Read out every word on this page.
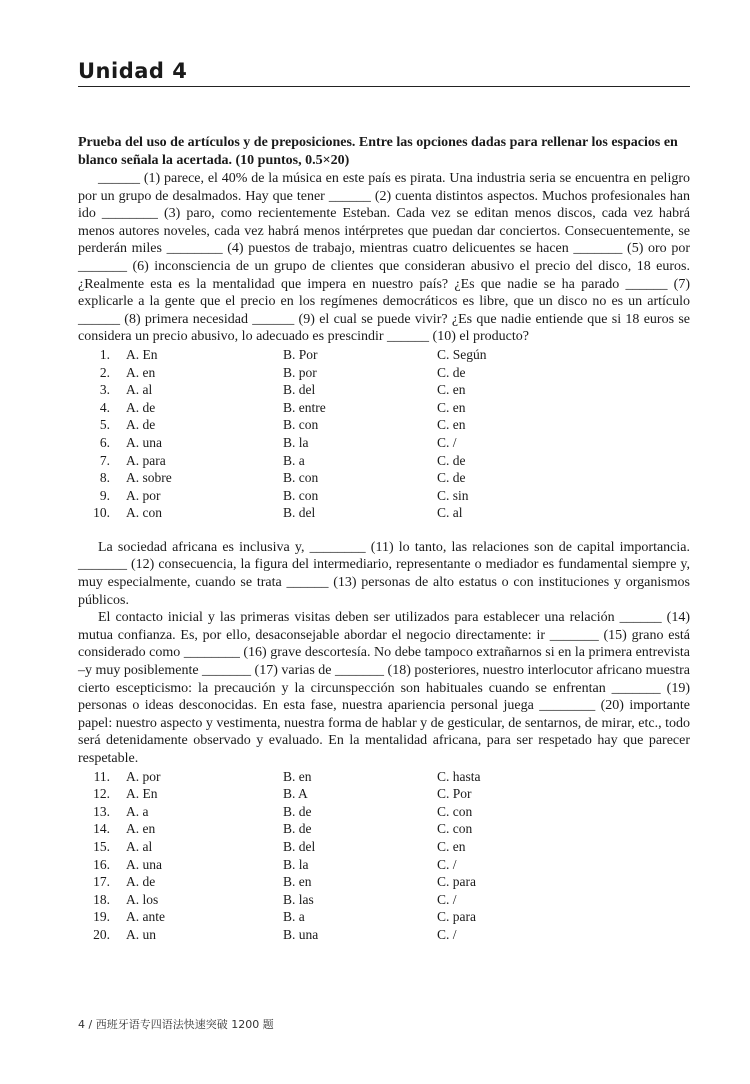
Unidad 4

Prueba del uso de artículos y de preposiciones. Entre las opciones dadas para rellenar los espacios en blanco señala la acertada. (10 puntos, 0.5×20)

______ (1) parece, el 40% de la música en este país es pirata. Una industria seria se encuentra en peligro por un grupo de desalmados. Hay que tener ______ (2) cuenta distintos aspectos. Muchos profesionales han ido ________ (3) paro, como recientemente Esteban. Cada vez se editan menos discos, cada vez habrá menos autores noveles, cada vez habrá menos intérpretes que puedan dar conciertos. Consecuentemente, se perderán miles ________ (4) puestos de trabajo, mientras cuatro delicuentes se hacen _______ (5) oro por _______ (6) inconsciencia de un grupo de clientes que consideran abusivo el precio del disco, 18 euros. ¿Realmente esta es la mentalidad que impera en nuestro país? ¿Es que nadie se ha parado ______ (7) explicarle a la gente que el precio en los regímenes democráticos es libre, que un disco no es un artículo ______ (8) primera necesidad ______ (9) el cual se puede vivir? ¿Es que nadie entiende que si 18 euros se considera un precio abusivo, lo adecuado es prescindir ______ (10) el producto?

1.	A. En	B. Por	C. Según
2.	A. en	B. por	C. de
3.	A. al	B. del	C. en
4.	A. de	B. entre	C. en
5.	A. de	B. con	C. en
6.	A. una	B. la	C. /
7.	A. para	B. a	C. de
8.	A. sobre	B. con	C. de
9.	A. por	B. con	C. sin
10.	A. con	B. del	C. al

La sociedad africana es inclusiva y, ________ (11) lo tanto, las relaciones son de capital importancia. _______ (12) consecuencia, la figura del intermediario, representante o mediador es fundamental siempre y, muy especialmente, cuando se trata ______ (13) personas de alto estatus o con instituciones y organismos públicos.

El contacto inicial y las primeras visitas deben ser utilizados para establecer una relación ______ (14) mutua confianza. Es, por ello, desaconsejable abordar el negocio directamente: ir _______ (15) grano está considerado como ________ (16) grave descortesía. No debe tampoco extrañarnos si en la primera entrevista –y muy posiblemente _______ (17) varias de _______ (18) posteriores, nuestro interlocutor africano muestra cierto escepticismo: la precaución y la circunspección son habituales cuando se enfrentan _______ (19) personas o ideas desconocidas. En esta fase, nuestra apariencia personal juega ________ (20) importante papel: nuestro aspecto y vestimenta, nuestra forma de hablar y de gesticular, de sentarnos, de mirar, etc., todo será detenidamente observado y evaluado. En la mentalidad africana, para ser respetado hay que parecer respetable.

11.	A. por	B. en	C. hasta
12.	A. En	B. A	C. Por
13.	A. a	B. de	C. con
14.	A. en	B. de	C. con
15.	A. al	B. del	C. en
16.	A. una	B. la	C. /
17.	A. de	B. en	C. para
18.	A. los	B. las	C. /
19.	A. ante	B. a	C. para
20.	A. un	B. una	C. /
4 / 西班牙语专四语法快速突破 1200 题
